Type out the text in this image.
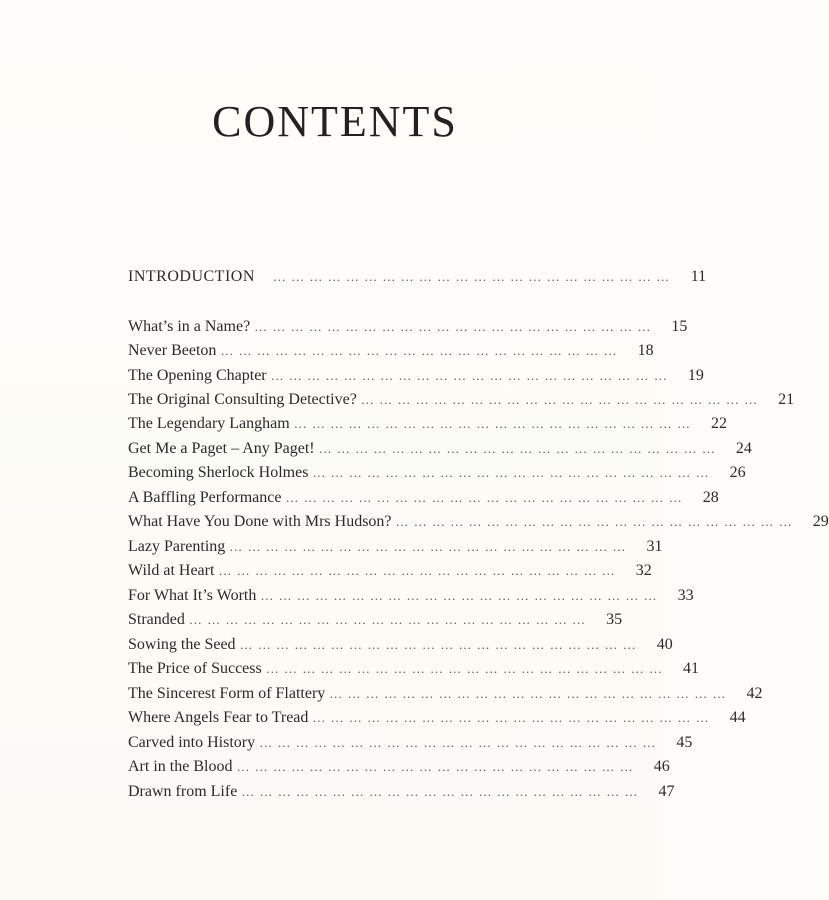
CONTENTS
INTRODUCTION … … … … … … … … … … … … … … … … … … … … … …	11
What’s in a Name? … … … … … … … … … … … … … … … … … … … … … …	15
Never Beeton … … … … … … … … … … … … … … … … … … … … … …	18
The Opening Chapter … … … … … … … … … … … … … … … … … … … … … …	19
The Original Consulting Detective? … … … … … … … … … … … … … … … … … … … … … …	21
The Legendary Langham … … … … … … … … … … … … … … … … … … … … … …	22
Get Me a Paget – Any Paget! … … … … … … … … … … … … … … … … … … … … … …	24
Becoming Sherlock Holmes … … … … … … … … … … … … … … … … … … … … … …	26
A Baffling Performance … … … … … … … … … … … … … … … … … … … … … …	28
What Have You Done with Mrs Hudson? … … … … … … … … … … … … … … … … … … … … … …	29
Lazy Parenting … … … … … … … … … … … … … … … … … … … … … …	31
Wild at Heart … … … … … … … … … … … … … … … … … … … … … …	32
For What It’s Worth … … … … … … … … … … … … … … … … … … … … … …	33
Stranded … … … … … … … … … … … … … … … … … … … … … …	35
Sowing the Seed … … … … … … … … … … … … … … … … … … … … … …	40
The Price of Success … … … … … … … … … … … … … … … … … … … … … …	41
The Sincerest Form of Flattery … … … … … … … … … … … … … … … … … … … … … …	42
Where Angels Fear to Tread … … … … … … … … … … … … … … … … … … … … … …	44
Carved into History … … … … … … … … … … … … … … … … … … … … … …	45
Art in the Blood … … … … … … … … … … … … … … … … … … … … … …	46
Drawn from Life … … … … … … … … … … … … … … … … … … … … … …	47
